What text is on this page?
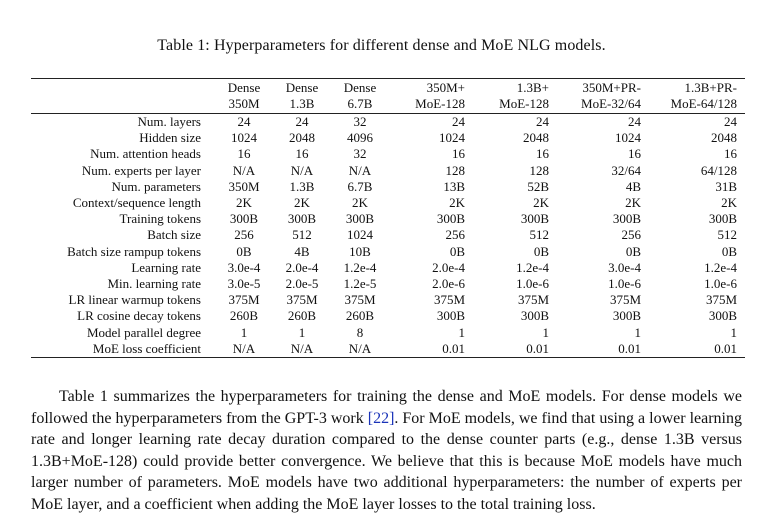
Table 1: Hyperparameters for different dense and MoE NLG models.
	Dense	Dense	Dense	350M+	1.3B+	350M+PR-	1.3B+PR-
	350M	1.3B	6.7B	MoE-128	MoE-128	MoE-32/64	MoE-64/128
Num. layers	24	24	32	24	24	24	24
Hidden size	1024	2048	4096	1024	2048	1024	2048
Num. attention heads	16	16	32	16	16	16	16
Num. experts per layer	N/A	N/A	N/A	128	128	32/64	64/128
Num. parameters	350M	1.3B	6.7B	13B	52B	4B	31B
Context/sequence length	2K	2K	2K	2K	2K	2K	2K
Training tokens	300B	300B	300B	300B	300B	300B	300B
Batch size	256	512	1024	256	512	256	512
Batch size rampup tokens	0B	4B	10B	0B	0B	0B	0B
Learning rate	3.0e-4	2.0e-4	1.2e-4	2.0e-4	1.2e-4	3.0e-4	1.2e-4
Min. learning rate	3.0e-5	2.0e-5	1.2e-5	2.0e-6	1.0e-6	1.0e-6	1.0e-6
LR linear warmup tokens	375M	375M	375M	375M	375M	375M	375M
LR cosine decay tokens	260B	260B	260B	300B	300B	300B	300B
Model parallel degree	1	1	8	1	1	1	1
MoE loss coefficient	N/A	N/A	N/A	0.01	0.01	0.01	0.01

Table 1 summarizes the hyperparameters for training the dense and MoE models. For dense models we followed the hyperparameters from the GPT-3 work [22]. For MoE models, we find that using a lower learning rate and longer learning rate decay duration compared to the dense counter parts (e.g., dense 1.3B versus 1.3B+MoE-128) could provide better convergence. We believe that this is because MoE models have much larger number of parameters. MoE models have two additional hyperparameters: the number of experts per MoE layer, and a coefficient when adding the MoE layer losses to the total training loss.
